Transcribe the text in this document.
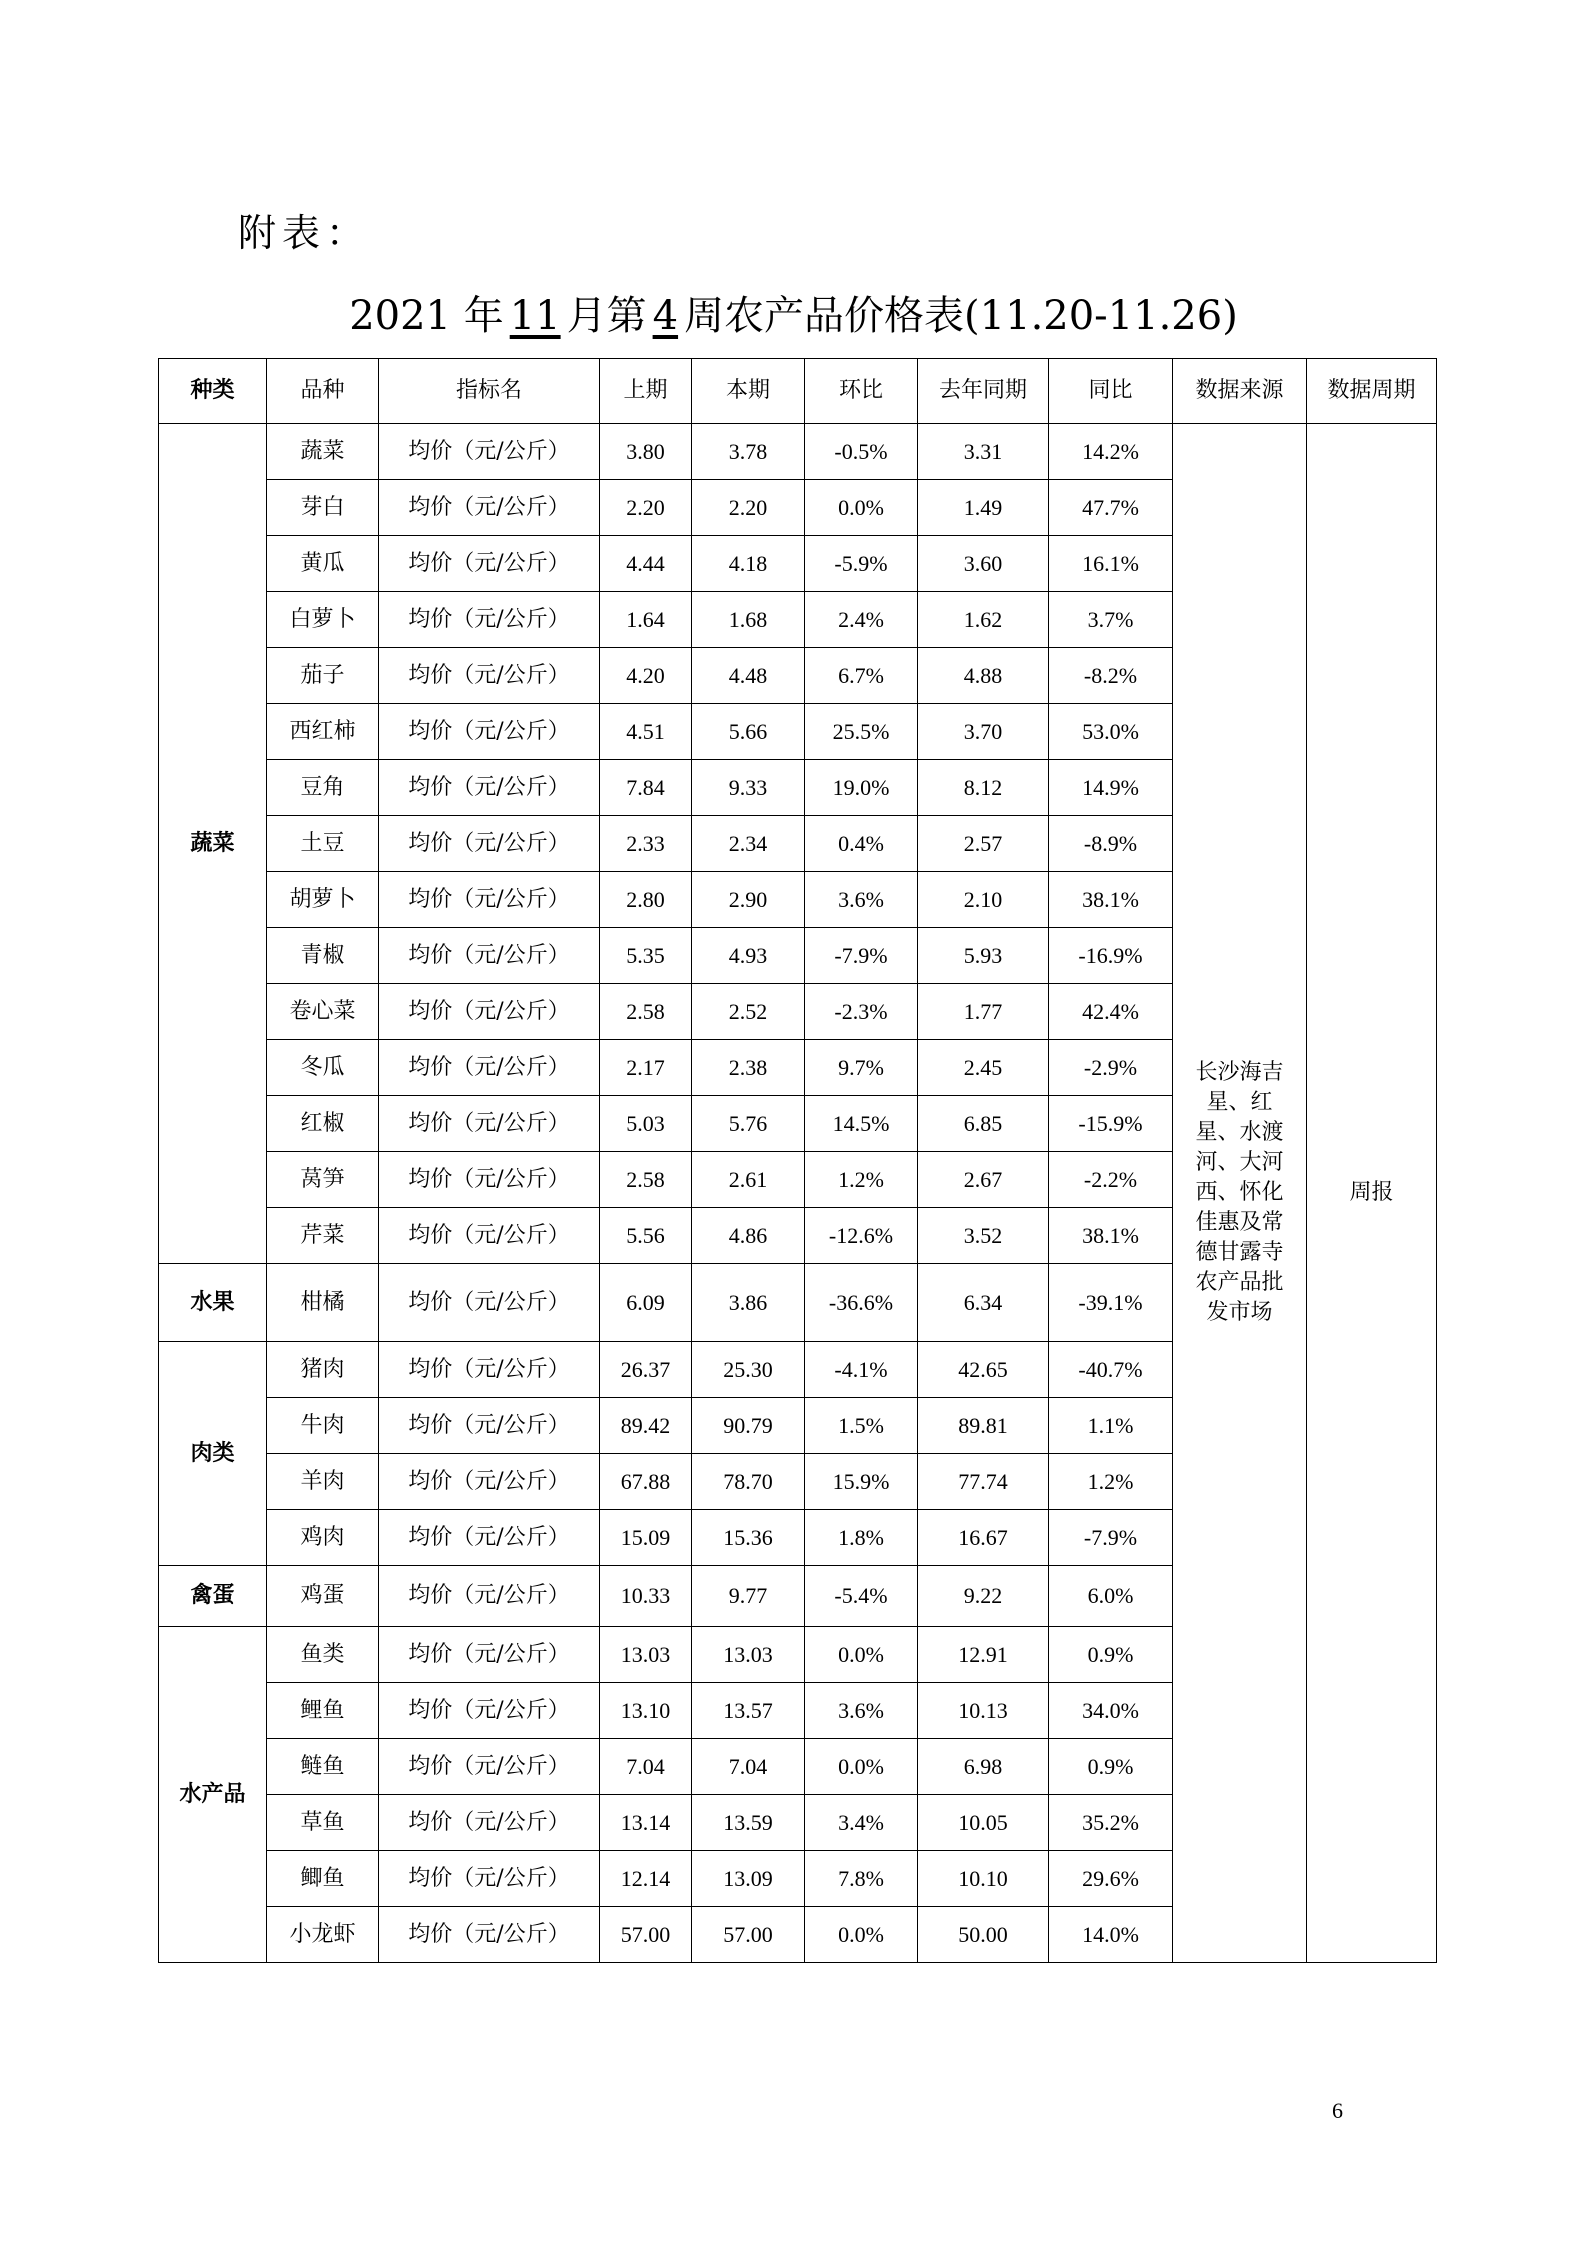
附表：
2021 年 11 月第 4 周农产品价格表(11.20-11.26)
种类	品种	指标名	上期	本期	环比	去年同期	同比	数据来源	数据周期
蔬菜	蔬菜	均价（元/公斤）	3.80	3.78	-0.5%	3.31	14.2%	长沙海吉星、红星、水渡河、大河西、怀化佳惠及常德甘露寺农产品批发市场	周报
	芽白	均价（元/公斤）	2.20	2.20	0.0%	1.49	47.7%		
	黄瓜	均价（元/公斤）	4.44	4.18	-5.9%	3.60	16.1%		
	白萝卜	均价（元/公斤）	1.64	1.68	2.4%	1.62	3.7%		
	茄子	均价（元/公斤）	4.20	4.48	6.7%	4.88	-8.2%		
	西红柿	均价（元/公斤）	4.51	5.66	25.5%	3.70	53.0%		
	豆角	均价（元/公斤）	7.84	9.33	19.0%	8.12	14.9%		
	土豆	均价（元/公斤）	2.33	2.34	0.4%	2.57	-8.9%		
	胡萝卜	均价（元/公斤）	2.80	2.90	3.6%	2.10	38.1%		
	青椒	均价（元/公斤）	5.35	4.93	-7.9%	5.93	-16.9%		
	卷心菜	均价（元/公斤）	2.58	2.52	-2.3%	1.77	42.4%		
	冬瓜	均价（元/公斤）	2.17	2.38	9.7%	2.45	-2.9%		
	红椒	均价（元/公斤）	5.03	5.76	14.5%	6.85	-15.9%		
	莴笋	均价（元/公斤）	2.58	2.61	1.2%	2.67	-2.2%		
	芹菜	均价（元/公斤）	5.56	4.86	-12.6%	3.52	38.1%		
水果	柑橘	均价（元/公斤）	6.09	3.86	-36.6%	6.34	-39.1%		
肉类	猪肉	均价（元/公斤）	26.37	25.30	-4.1%	42.65	-40.7%		
	牛肉	均价（元/公斤）	89.42	90.79	1.5%	89.81	1.1%		
	羊肉	均价（元/公斤）	67.88	78.70	15.9%	77.74	1.2%		
	鸡肉	均价（元/公斤）	15.09	15.36	1.8%	16.67	-7.9%		
禽蛋	鸡蛋	均价（元/公斤）	10.33	9.77	-5.4%	9.22	6.0%		
水产品	鱼类	均价（元/公斤）	13.03	13.03	0.0%	12.91	0.9%		
	鲤鱼	均价（元/公斤）	13.10	13.57	3.6%	10.13	34.0%		
	鲢鱼	均价（元/公斤）	7.04	7.04	0.0%	6.98	0.9%		
	草鱼	均价（元/公斤）	13.14	13.59	3.4%	10.05	35.2%		
	鲫鱼	均价（元/公斤）	12.14	13.09	7.8%	10.10	29.6%		
	小龙虾	均价（元/公斤）	57.00	57.00	0.0%	50.00	14.0%		
6
